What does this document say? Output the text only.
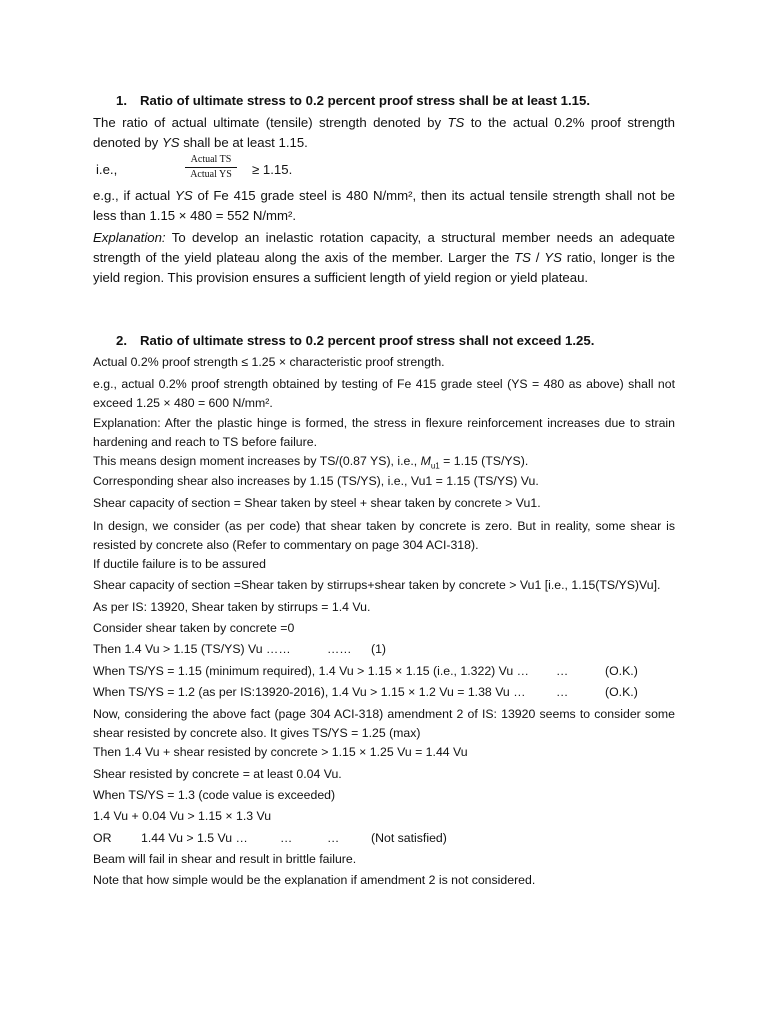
1. Ratio of ultimate stress to 0.2 percent proof stress shall be at least 1.15.
The ratio of actual ultimate (tensile) strength denoted by TS to the actual 0.2% proof strength denoted by YS shall be at least 1.15.
i.e.,
Actual TS
Actual YS	≥ 1.15.
e.g., if actual YS of Fe 415 grade steel is 480 N/mm², then its actual tensile strength shall not be less than 1.15 × 480 = 552 N/mm².
Explanation: To develop an inelastic rotation capacity, a structural member needs an adequate strength of the yield plateau along the axis of the member. Larger the TS / YS ratio, longer is the yield region. This provision ensures a sufficient length of yield region or yield plateau.
2. Ratio of ultimate stress to 0.2 percent proof stress shall not exceed 1.25.
Actual 0.2% proof strength ≤ 1.25 × characteristic proof strength.
e.g., actual 0.2% proof strength obtained by testing of Fe 415 grade steel (YS = 480 as above) shall not exceed 1.25 × 480 = 600 N/mm².
Explanation: After the plastic hinge is formed, the stress in flexure reinforcement increases due to strain hardening and reach to TS before failure.
This means design moment increases by TS/(0.87 YS), i.e., $M_{u1} = 1.15$ (TS/YS).
Corresponding shear also increases by 1.15 (TS/YS), i.e., Vu1 = 1.15 (TS/YS) Vu.
Shear capacity of section = Shear taken by steel + shear taken by concrete > Vu1.
In design, we consider (as per code) that shear taken by concrete is zero. But in reality, some shear is resisted by concrete also (Refer to commentary on page 304 ACI-318).
If ductile failure is to be assured
Shear capacity of section =Shear taken by stirrups+shear taken by concrete > Vu1 [i.e., 1.15(TS/YS)Vu].
As per IS: 13920, Shear taken by stirrups = 1.4 Vu.
Consider shear taken by concrete =0
Then 1.4 Vu > 1.15 (TS/YS) Vu ……	…… (1)
When TS/YS = 1.15 (minimum required), 1.4 Vu > 1.15 × 1.15 (i.e., 1.322) Vu … …	(O.K.)
When TS/YS = 1.2 (as per IS:13920-2016), 1.4 Vu > 1.15 × 1.2 Vu = 1.38 Vu … …	(O.K.)
Now, considering the above fact (page 304 ACI-318) amendment 2 of IS: 13920 seems to consider some shear resisted by concrete also. It gives TS/YS = 1.25 (max)
Then 1.4 Vu + shear resisted by concrete > 1.15 × 1.25 Vu = 1.44 Vu
Shear resisted by concrete = at least 0.04 Vu.
When TS/YS = 1.3 (code value is exceeded)
1.4 Vu + 0.04 Vu > 1.15 × 1.3 Vu
OR 1.44 Vu > 1.5 Vu …	…	…	(Not satisfied)
Beam will fail in shear and result in brittle failure.
Note that how simple would be the explanation if amendment 2 is not considered.
